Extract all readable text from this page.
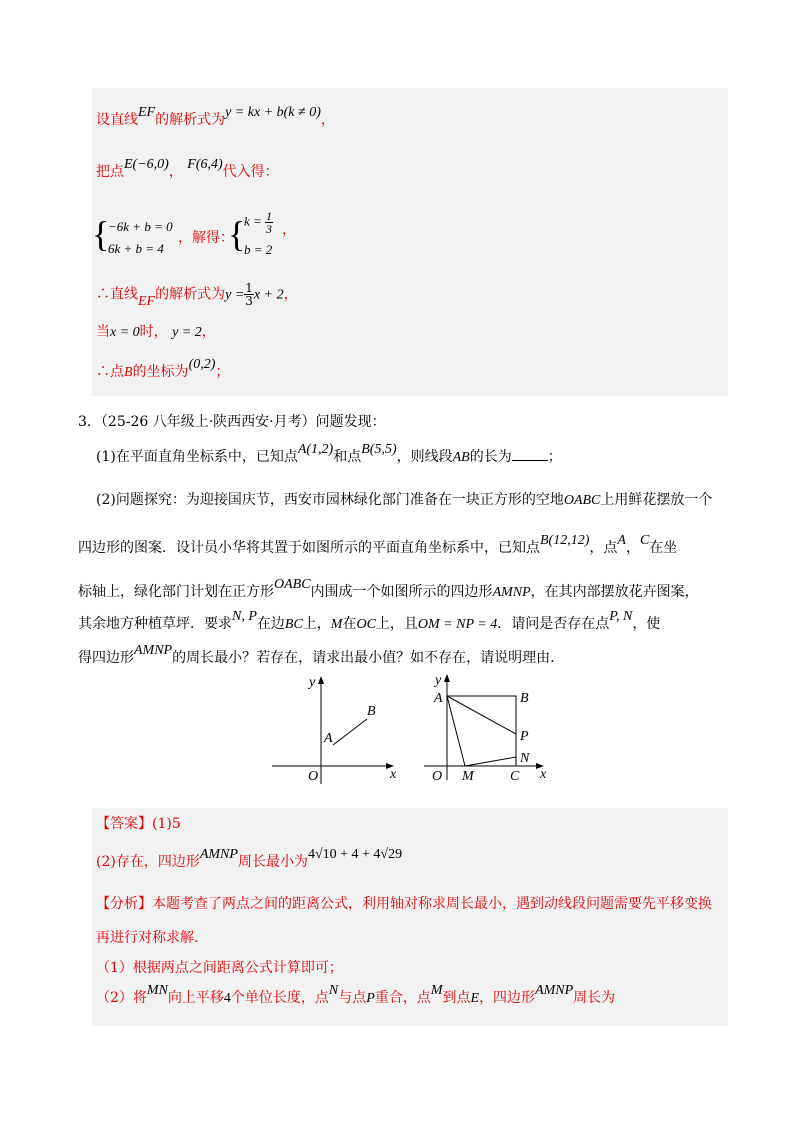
设直线EF的解析式为y = kx + b(k ≠ 0)，
把点E(−6,0)， F(6,4)代入得：
{
−6k + b = 0
6k + b = 4
，解得：
{
$k = \frac{1}{3}$
b = 2
，
∴直线EF的解析式为$y = \frac{1}{3}$ x + 2，
当x = 0时， y = 2，
∴点B的坐标为(0,2)；
3．（25-26 八年级上·陕西西安·月考）问题发现：
(1)在平面直角坐标系中，已知点A(1,2)和点B(5,5)，则线段AB的长为	；
(2)问题探究：为迎接国庆节，西安市园林绿化部门准备在一块正方形的空地OABC上用鲜花摆放一个
四边形的图案．设计员小华将其置于如图所示的平面直角坐标系中，已知点B(12,12)，点A，C在坐
标轴上，绿化部门计划在正方形OABC内围成一个如图所示的四边形AMNP，在其内部摆放花卉图案，
其余地方种植草坪．要求N, P在边BC上，M在OC上，且OM = NP = 4．请问是否存在点P, N，使
得四边形AMNP的周长最小？若存在，请求出最小值？如不存在，请说明理由.
y
x
O
A
B
y
x
O
A	B
P
N
M	C
【答案】(1)5
(2)存在，四边形AMNP周长最小为4√10 + 4 + 4√29
【分析】本题考查了两点之间的距离公式，利用轴对称求周长最小，遇到动线段问题需要先平移变换
再进行对称求解.
（1）根据两点之间距离公式计算即可；
（2）将MN向上平移4个单位长度，点N与点P重合，点M到点E，四边形AMNP周长为
